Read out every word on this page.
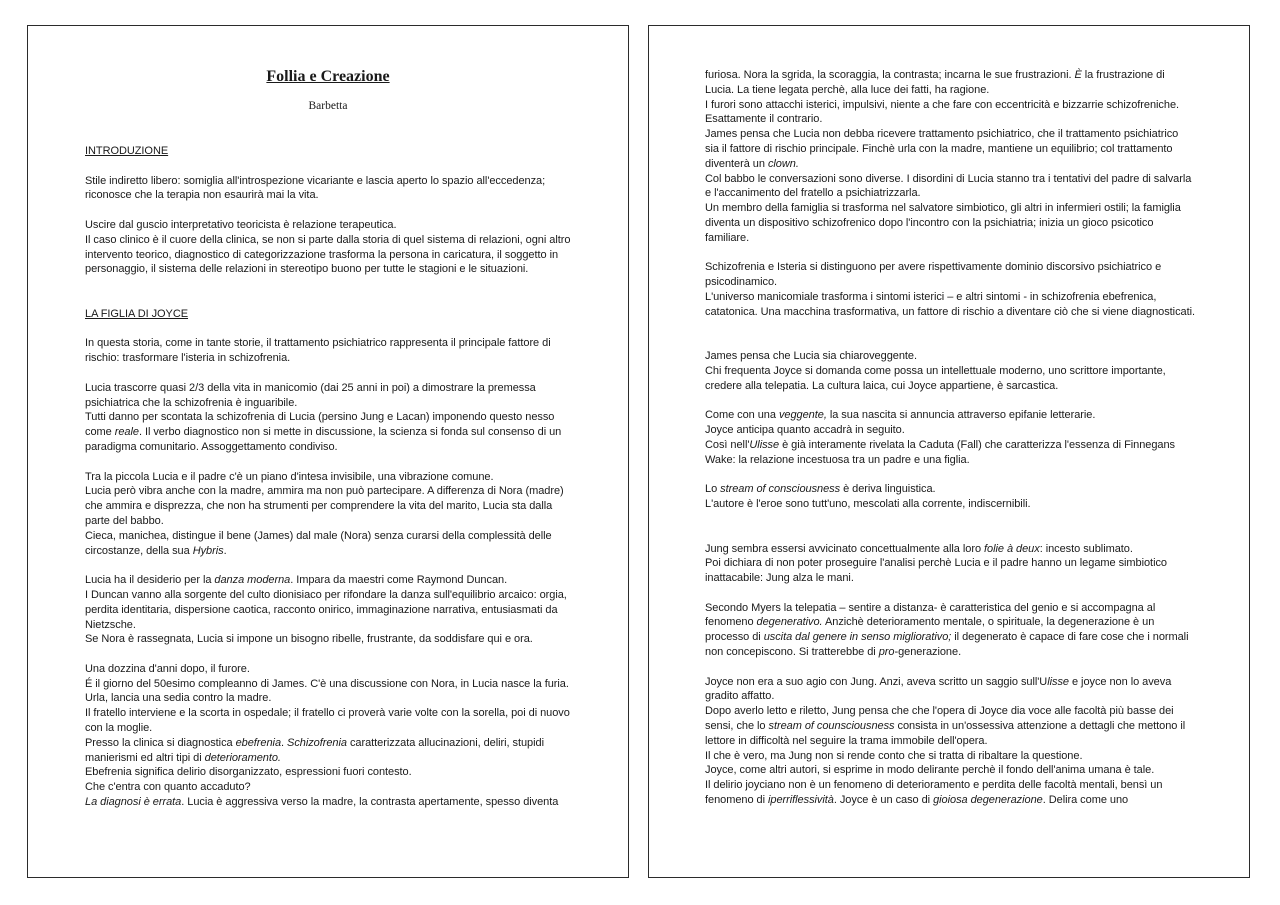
Follia e Creazione
Barbetta

INTRODUZIONE

Stile indiretto libero: somiglia all'introspezione vicariante e lascia aperto lo spazio all'eccedenza; riconosce che la terapia non esaurirà mai la vita.

Uscire dal guscio interpretativo teoricista è relazione terapeutica.

Il caso clinico è il cuore della clinica, se non si parte dalla storia di quel sistema di relazioni, ogni altro intervento teorico, diagnostico di categorizzazione trasforma la persona in caricatura, il soggetto in personaggio, il sistema delle relazioni in stereotipo buono per tutte le stagioni e le situazioni.

LA FIGLIA DI JOYCE

In questa storia, come in tante storie, il trattamento psichiatrico rappresenta il principale fattore di rischio: trasformare l'isteria in schizofrenia.

Lucia trascorre quasi 2/3 della vita in manicomio (dai 25 anni in poi) a dimostrare la premessa psichiatrica che la schizofrenia è inguaribile.

Tutti danno per scontata la schizofrenia di Lucia (persino Jung e Lacan) imponendo questo nesso come reale. Il verbo diagnostico non si mette in discussione, la scienza si fonda sul consenso di un paradigma comunitario. Assoggettamento condiviso.

Tra la piccola Lucia e il padre c'è un piano d'intesa invisibile, una vibrazione comune.

Lucia però vibra anche con la madre, ammira ma non può partecipare. A differenza di Nora (madre) che ammira e disprezza, che non ha strumenti per comprendere la vita del marito, Lucia sta dalla parte del babbo.

Cieca, manichea, distingue il bene (James) dal male (Nora) senza curarsi della complessità delle circostanze, della sua Hybris.

Lucia ha il desiderio per la danza moderna. Impara da maestri come Raymond Duncan.

I Duncan vanno alla sorgente del culto dionisiaco per rifondare la danza sull'equilibrio arcaico: orgia, perdita identitaria, dispersione caotica, racconto onirico, immaginazione narrativa, entusiasmati da Nietzsche.

Se Nora è rassegnata, Lucia si impone un bisogno ribelle, frustrante, da soddisfare qui e ora.

Una dozzina d'anni dopo, il furore.

É il giorno del 50esimo compleanno di James. C'è una discussione con Nora, in Lucia nasce la furia. Urla, lancia una sedia contro la madre.

Il fratello interviene e la scorta in ospedale; il fratello ci proverà varie volte con la sorella, poi di nuovo con la moglie.

Presso la clinica si diagnostica ebefrenia. Schizofrenia caratterizzata allucinazioni, deliri, stupidi manierismi ed altri tipi di deterioramento.

Ebefrenia significa delirio disorganizzato, espressioni fuori contesto.

Che c'entra con quanto accaduto?

La diagnosi è errata. Lucia è aggressiva verso la madre, la contrasta apertamente, spesso diventa

furiosa. Nora la sgrida, la scoraggia, la contrasta; incarna le sue frustrazioni. È la frustrazione di Lucia. La tiene legata perchè, alla luce dei fatti, ha ragione.

I furori sono attacchi isterici, impulsivi, niente a che fare con eccentricità e bizzarrie schizofreniche. Esattamente il contrario.

James pensa che Lucia non debba ricevere trattamento psichiatrico, che il trattamento psichiatrico sia il fattore di rischio principale. Finchè urla con la madre, mantiene un equilibrio; col trattamento diventerà un clown.

Col babbo le conversazioni sono diverse. I disordini di Lucia stanno tra i tentativi del padre di salvarla e l'accanimento del fratello a psichiatrizzarla.

Un membro della famiglia si trasforma nel salvatore simbiotico, gli altri in infermieri ostili; la famiglia diventa un dispositivo schizofrenico dopo l'incontro con la psichiatria; inizia un gioco psicotico familiare.

Schizofrenia e Isteria si distinguono per avere rispettivamente dominio discorsivo psichiatrico e psicodinamico.

L'universo manicomiale trasforma i sintomi isterici – e altri sintomi - in schizofrenia ebefrenica, catatonica. Una macchina trasformativa, un fattore di rischio a diventare ciò che si viene diagnosticati.

James pensa che Lucia sia chiaroveggente.

Chi frequenta Joyce si domanda come possa un intellettuale moderno, uno scrittore importante, credere alla telepatia. La cultura laica, cui Joyce appartiene, è sarcastica.

Come con una veggente, la sua nascita si annuncia attraverso epifanie letterarie.

Joyce anticipa quanto accadrà in seguito.

Così nell'Ulisse è già interamente rivelata la Caduta (Fall) che caratterizza l'essenza di Finnegans Wake: la relazione incestuosa tra un padre e una figlia.

Lo stream of consciousness è deriva linguistica.

L'autore è l'eroe sono tutt'uno, mescolati alla corrente, indiscernibili.

Jung sembra essersi avvicinato concettualmente alla loro folie à deux: incesto sublimato.

Poi dichiara di non poter proseguire l'analisi perchè Lucia e il padre hanno un legame simbiotico inattacabile: Jung alza le mani.

Secondo Myers la telepatia – sentire a distanza- è caratteristica del genio e si accompagna al fenomeno degenerativo. Anzichè deterioramento mentale, o spirituale, la degenerazione è un processo di uscita dal genere in senso migliorativo; il degenerato è capace di fare cose che i normali non concepiscono. Si tratterebbe di pro-generazione.

Joyce non era a suo agio con Jung. Anzi, aveva scritto un saggio sull'Ulisse e joyce non lo aveva gradito affatto.

Dopo averlo letto e riletto, Jung pensa che che l'opera di Joyce dia voce alle facoltà più basse dei sensi, che lo stream of counsciousness consista in un'ossessiva attenzione a dettagli che mettono il lettore in difficoltà nel seguire la trama immobile dell'opera.

Il che è vero, ma Jung non si rende conto che si tratta di ribaltare la questione.

Joyce, come altri autori, si esprime in modo delirante perchè il fondo dell'anima umana è tale.

Il delirio joyciano non è un fenomeno di deterioramento e perdita delle facoltà mentali, bensì un fenomeno di iperriflessività. Joyce è un caso di gioiosa degenerazione. Delira come uno
